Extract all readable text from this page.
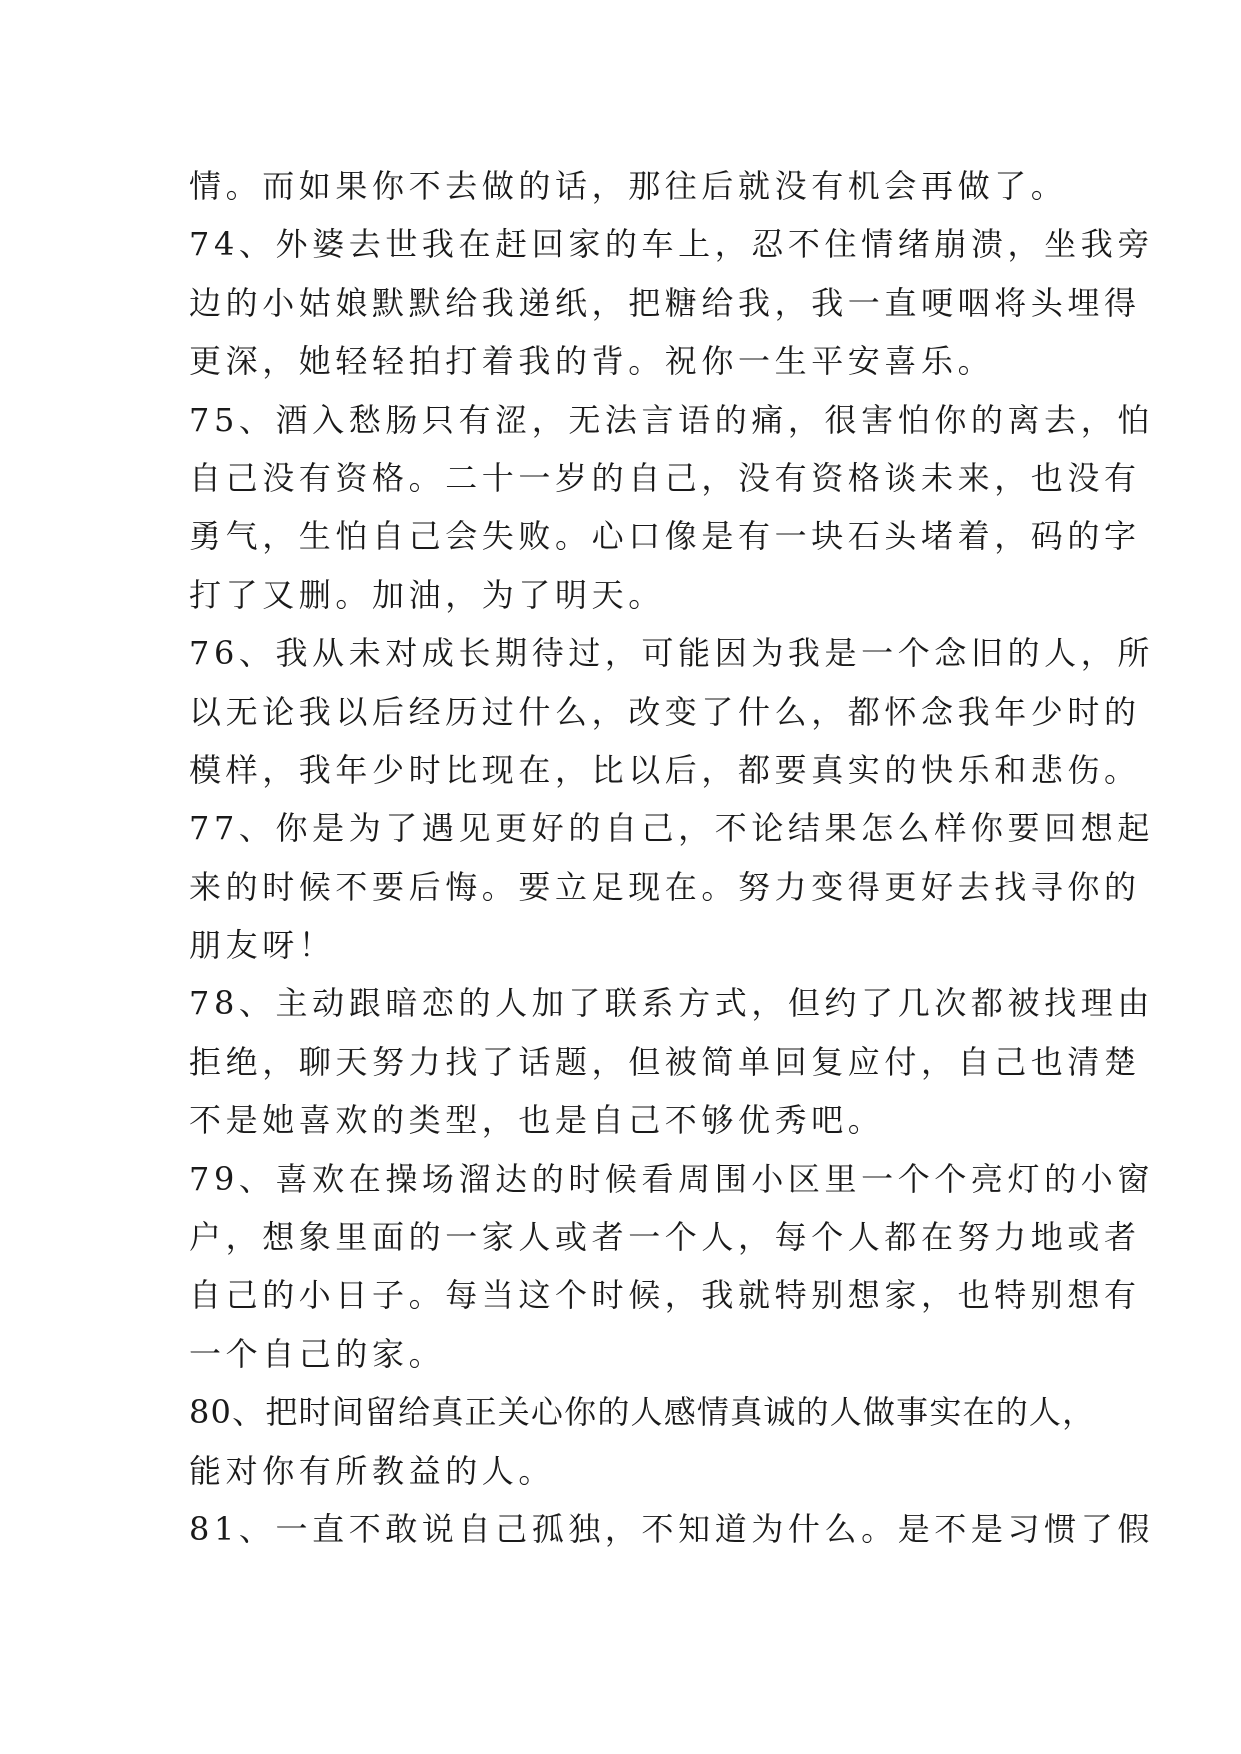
情。而如果你不去做的话，那往后就没有机会再做了。
74、外婆去世我在赶回家的车上，忍不住情绪崩溃，坐我旁
边的小姑娘默默给我递纸，把糖给我，我一直哽咽将头埋得
更深，她轻轻拍打着我的背。祝你一生平安喜乐。
75、酒入愁肠只有涩，无法言语的痛，很害怕你的离去，怕
自己没有资格。二十一岁的自己，没有资格谈未来，也没有
勇气，生怕自己会失败。心口像是有一块石头堵着，码的字
打了又删。加油，为了明天。
76、我从未对成长期待过，可能因为我是一个念旧的人，所
以无论我以后经历过什么，改变了什么，都怀念我年少时的
模样，我年少时比现在，比以后，都要真实的快乐和悲伤。
77、你是为了遇见更好的自己，不论结果怎么样你要回想起
来的时候不要后悔。要立足现在。努力变得更好去找寻你的
朋友呀！
78、主动跟暗恋的人加了联系方式，但约了几次都被找理由
拒绝，聊天努力找了话题，但被简单回复应付，自己也清楚
不是她喜欢的类型，也是自己不够优秀吧。
79、喜欢在操场溜达的时候看周围小区里一个个亮灯的小窗
户，想象里面的一家人或者一个人，每个人都在努力地或者
自己的小日子。每当这个时候，我就特别想家，也特别想有
一个自己的家。
80、把时间留给真正关心你的人感情真诚的人做事实在的人，
能对你有所教益的人。
81、一直不敢说自己孤独，不知道为什么。是不是习惯了假
